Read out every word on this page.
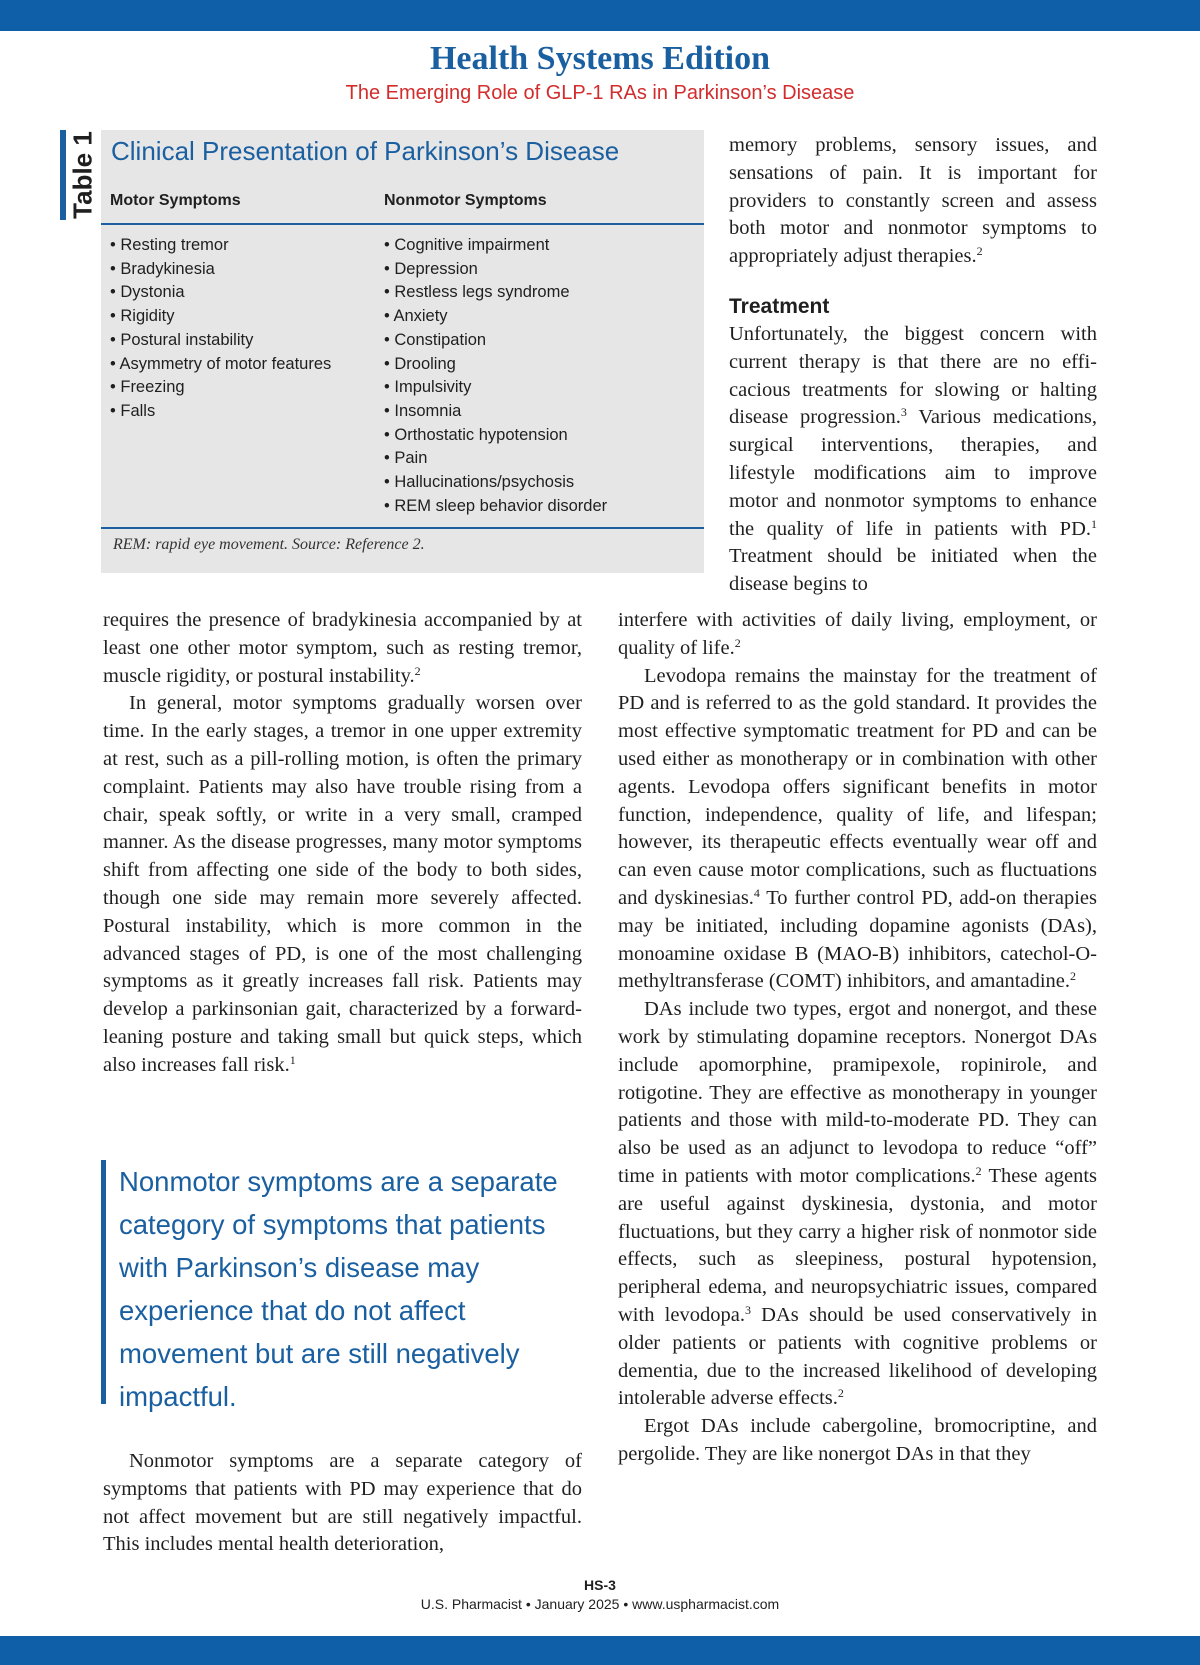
Health Systems Edition
The Emerging Role of GLP-1 RAs in Parkinson’s Disease
Table 1 Clinical Presentation of Parkinson’s Disease
Motor Symptoms	Nonmotor Symptoms
• Resting tremor
• Bradykinesia
• Dystonia
• Rigidity
• Postural instability
• Asymmetry of motor features
• Freezing
• Falls
• Cognitive impairment
• Depression
• Restless legs syndrome
• Anxiety
• Constipation
• Drooling
• Impulsivity
• Insomnia
• Orthostatic hypotension
• Pain
• Hallucinations/psychosis
• REM sleep behavior disorder
REM: rapid eye movement. Source: Reference 2.

requires the presence of bradykinesia accompanied by at least one other motor symptom, such as resting tremor, muscle rigidity, or postural instability.$^2$

In general, motor symptoms gradually worsen over time. In the early stages, a tremor in one upper extremity at rest, such as a pill-rolling motion, is often the primary complaint. Patients may also have trouble rising from a chair, speak softly, or write in a very small, cramped manner. As the disease progresses, many motor symptoms shift from affecting one side of the body to both sides, though one side may remain more severely affected. Postural instability, which is more common in the advanced stages of PD, is one of the most challenging symptoms as it greatly increases fall risk. Patients may develop a parkinsonian gait, characterized by a forward-leaning posture and taking small but quick steps, which also increases fall risk.$^1$

Nonmotor symptoms are a separate category of symptoms that patients with Parkinson’s disease may experience that do not affect movement but are still negatively impactful.

Nonmotor symptoms are a separate category of symptoms that patients with PD may experience that do not affect movement but are still negatively impactful. This includes mental health deterioration,

memory problems, sensory issues, and sensations of pain. It is important for providers to constantly screen and assess both motor and nonmotor symptoms to appropriately adjust therapies.$^2$

Treatment

Unfortunately, the biggest concern with current therapy is that there are no efficacious treatments for slowing or halting disease progression.$^3$ Various medications, surgical interventions, therapies, and lifestyle modifications aim to improve motor and nonmotor symptoms to enhance the quality of life in patients with PD.$^1$ Treatment should be initiated when the disease begins to

interfere with activities of daily living, employment, or quality of life.$^2$

Levodopa remains the mainstay for the treatment of PD and is referred to as the gold standard. It provides the most effective symptomatic treatment for PD and can be used either as monotherapy or in combination with other agents. Levodopa offers significant benefits in motor function, independence, quality of life, and lifespan; however, its therapeutic effects eventually wear off and can even cause motor complications, such as fluctuations and dyskinesias.$^4$ To further control PD, add-on therapies may be initiated, including dopamine agonists (DAs), monoamine oxidase B (MAO-B) inhibitors, catechol-O-methyltransferase (COMT) inhibitors, and amantadine.$^2$

DAs include two types, ergot and nonergot, and these work by stimulating dopamine receptors. Nonergot DAs include apomorphine, pramipexole, ropinirole, and rotigotine. They are effective as monotherapy in younger patients and those with mild-to-moderate PD. They can also be used as an adjunct to levodopa to reduce “off” time in patients with motor complications.$^2$ These agents are useful against dyskinesia, dystonia, and motor fluctuations, but they carry a higher risk of nonmotor side effects, such as sleepiness, postural hypotension, peripheral edema, and neuropsychiatric issues, compared with levodopa.$^3$ DAs should be used conservatively in older patients or patients with cognitive problems or dementia, due to the increased likelihood of developing intolerable adverse effects.$^2$

Ergot DAs include cabergoline, bromocriptine, and pergolide. They are like nonergot DAs in that they

HS-3
U.S. Pharmacist • January 2025 • www.uspharmacist.com
